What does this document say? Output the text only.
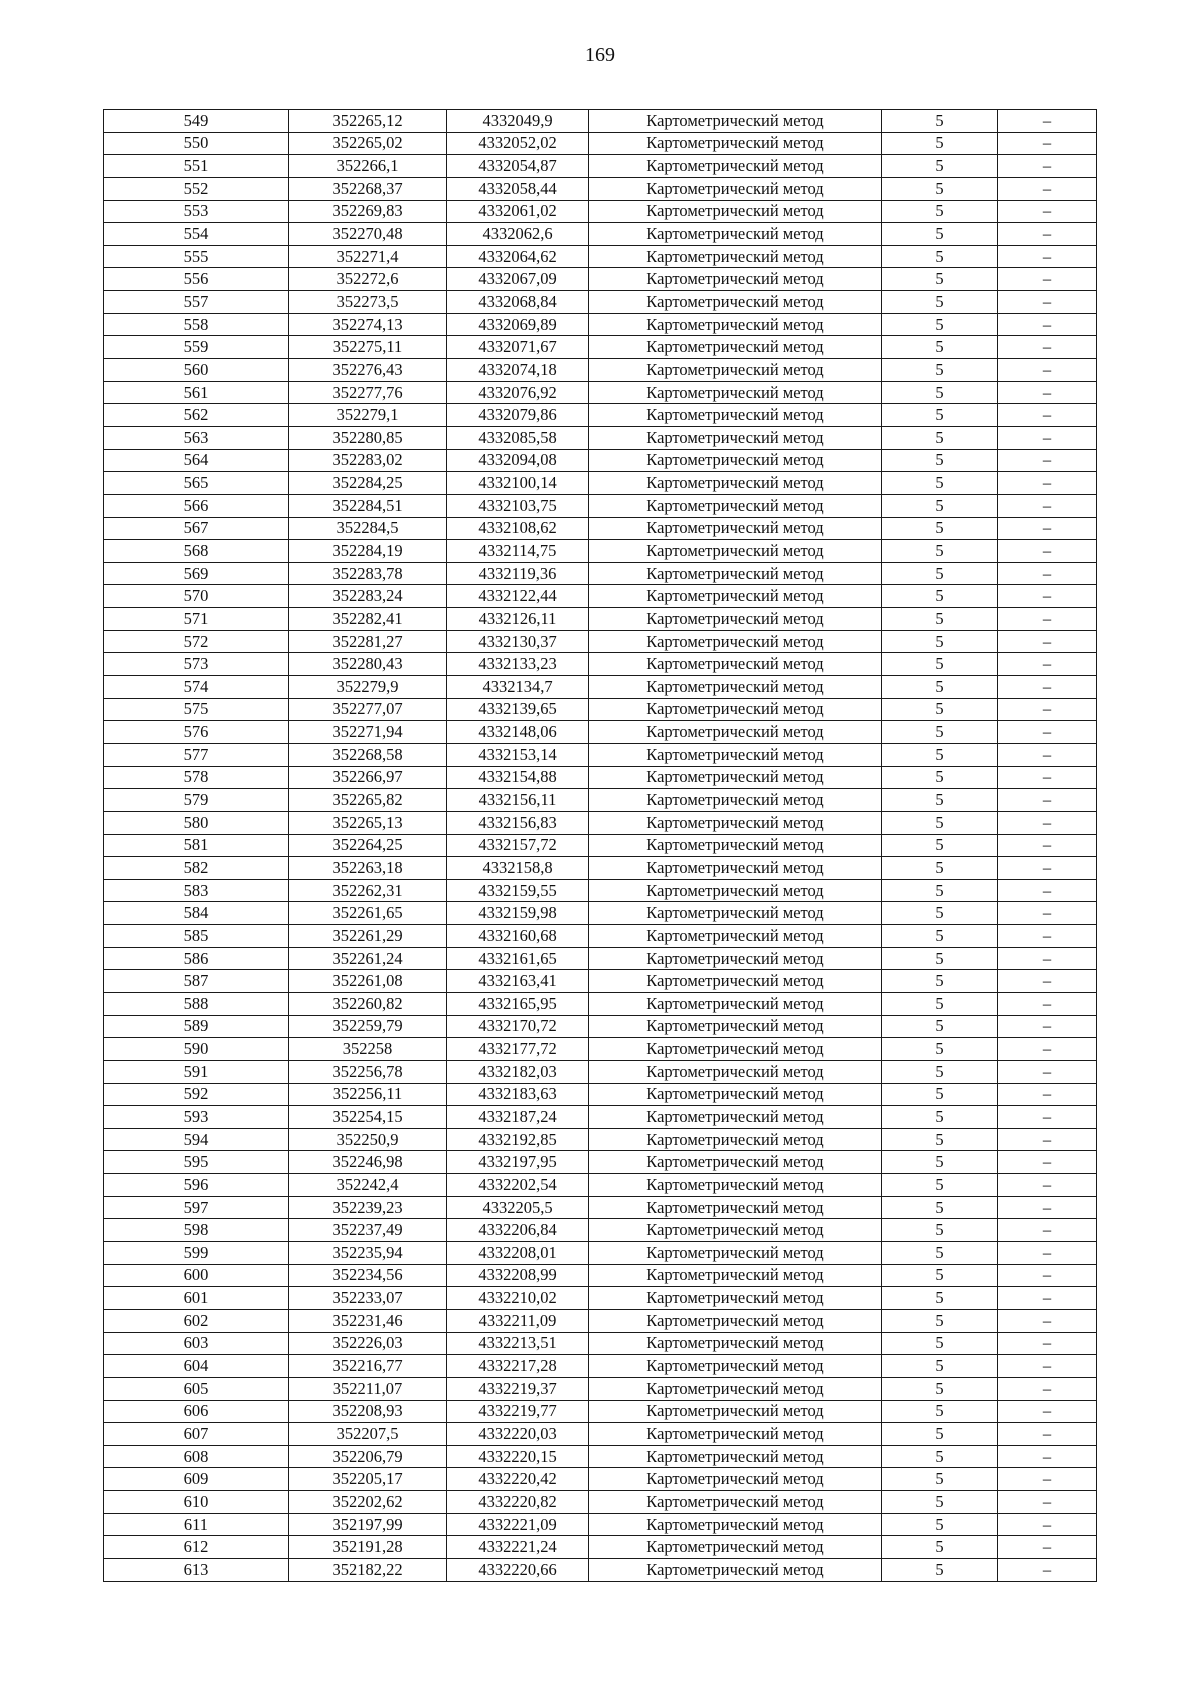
169
549	352265,12	4332049,9	Картометрический метод	5	–
550	352265,02	4332052,02	Картометрический метод	5	–
551	352266,1	4332054,87	Картометрический метод	5	–
552	352268,37	4332058,44	Картометрический метод	5	–
553	352269,83	4332061,02	Картометрический метод	5	–
554	352270,48	4332062,6	Картометрический метод	5	–
555	352271,4	4332064,62	Картометрический метод	5	–
556	352272,6	4332067,09	Картометрический метод	5	–
557	352273,5	4332068,84	Картометрический метод	5	–
558	352274,13	4332069,89	Картометрический метод	5	–
559	352275,11	4332071,67	Картометрический метод	5	–
560	352276,43	4332074,18	Картометрический метод	5	–
561	352277,76	4332076,92	Картометрический метод	5	–
562	352279,1	4332079,86	Картометрический метод	5	–
563	352280,85	4332085,58	Картометрический метод	5	–
564	352283,02	4332094,08	Картометрический метод	5	–
565	352284,25	4332100,14	Картометрический метод	5	–
566	352284,51	4332103,75	Картометрический метод	5	–
567	352284,5	4332108,62	Картометрический метод	5	–
568	352284,19	4332114,75	Картометрический метод	5	–
569	352283,78	4332119,36	Картометрический метод	5	–
570	352283,24	4332122,44	Картометрический метод	5	–
571	352282,41	4332126,11	Картометрический метод	5	–
572	352281,27	4332130,37	Картометрический метод	5	–
573	352280,43	4332133,23	Картометрический метод	5	–
574	352279,9	4332134,7	Картометрический метод	5	–
575	352277,07	4332139,65	Картометрический метод	5	–
576	352271,94	4332148,06	Картометрический метод	5	–
577	352268,58	4332153,14	Картометрический метод	5	–
578	352266,97	4332154,88	Картометрический метод	5	–
579	352265,82	4332156,11	Картометрический метод	5	–
580	352265,13	4332156,83	Картометрический метод	5	–
581	352264,25	4332157,72	Картометрический метод	5	–
582	352263,18	4332158,8	Картометрический метод	5	–
583	352262,31	4332159,55	Картометрический метод	5	–
584	352261,65	4332159,98	Картометрический метод	5	–
585	352261,29	4332160,68	Картометрический метод	5	–
586	352261,24	4332161,65	Картометрический метод	5	–
587	352261,08	4332163,41	Картометрический метод	5	–
588	352260,82	4332165,95	Картометрический метод	5	–
589	352259,79	4332170,72	Картометрический метод	5	–
590	352258	4332177,72	Картометрический метод	5	–
591	352256,78	4332182,03	Картометрический метод	5	–
592	352256,11	4332183,63	Картометрический метод	5	–
593	352254,15	4332187,24	Картометрический метод	5	–
594	352250,9	4332192,85	Картометрический метод	5	–
595	352246,98	4332197,95	Картометрический метод	5	–
596	352242,4	4332202,54	Картометрический метод	5	–
597	352239,23	4332205,5	Картометрический метод	5	–
598	352237,49	4332206,84	Картометрический метод	5	–
599	352235,94	4332208,01	Картометрический метод	5	–
600	352234,56	4332208,99	Картометрический метод	5	–
601	352233,07	4332210,02	Картометрический метод	5	–
602	352231,46	4332211,09	Картометрический метод	5	–
603	352226,03	4332213,51	Картометрический метод	5	–
604	352216,77	4332217,28	Картометрический метод	5	–
605	352211,07	4332219,37	Картометрический метод	5	–
606	352208,93	4332219,77	Картометрический метод	5	–
607	352207,5	4332220,03	Картометрический метод	5	–
608	352206,79	4332220,15	Картометрический метод	5	–
609	352205,17	4332220,42	Картометрический метод	5	–
610	352202,62	4332220,82	Картометрический метод	5	–
611	352197,99	4332221,09	Картометрический метод	5	–
612	352191,28	4332221,24	Картометрический метод	5	–
613	352182,22	4332220,66	Картометрический метод	5	–
